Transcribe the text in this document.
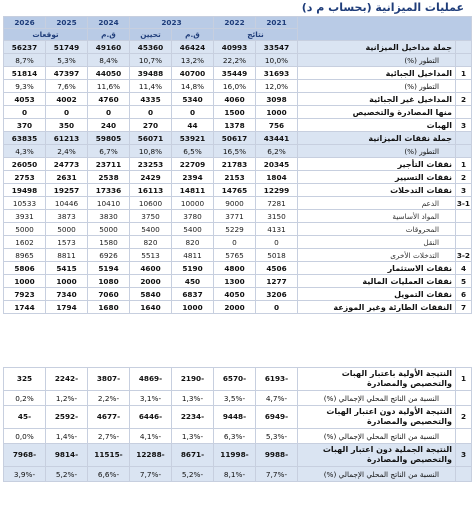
عمليات الميزانية (بحساب م د)
		2021	2022	2023		2024	2025	2026
		نتائج		ق.م	تحيين	ق.م	توقعات	
	جملة مداخيل الميزانية	33547	40993	46424	45360	49160	51749	56237
	التطور (%)	10,0%	22,2%	13,2%	10,7%	8,4%	5,3%	8,7%
1	المداخيل الجبائية	31693	35449	40700	39488	44050	47397	51814
	التطور (%)	12,0%	16,0%	14,8%	11,4%	11,6%	7,6%	9,3%
2	المداخيل غير الجبائية	3098	4060	5340	4335	4760	4002	4053
	منها المصادرة والتخصيص	1000	1500	0	0	0	0	0
3	الهبات	756	1378	44	270	240	350	370
	جملة نفقات الميزانية	43441	50617	53921	56071	59805	61213	63835
	التطور (%)	6,2%	16,5%	6,5%	10,8%	6,7%	2,4%	4,3%
1	نفقات التأجير	20345	21783	22709	23253	23711	24773	26050
2	نفقات التسيير	1804	2153	2394	2429	2538	2631	2753
3	نفقات التدخلات	12299	14765	14811	16113	17336	19257	19498
3-1	الدعم	7281	9000	10000	10600	10410	10446	10533
	المواد الأساسية	3150	3771	3780	3750	3830	3873	3931
	المحروقات	4131	5229	5400	5400	5000	5000	5000
	النقل	0	0	820	820	1580	1573	1602
3-2	التدخلات الأخرى	5018	5765	4811	5513	6926	8811	8965
4	نفقات الاستثمار	4506	4800	5190	4600	5194	5415	5806
5	نفقات العمليات المالية	1277	1300	450	2000	1080	1000	1000
6	نفقات التمويل	3206	4050	6837	5840	7060	7340	7923
7	النفقات الطارئة وغير الموزعة	0	2000	1000	1640	1680	1794	1744
1	النتيجة الأولية باعتبار الهبات والتخصيص والمصادرة	-6193	-6570	-2190	-4869	-3807	-2242	325
	النسبة من الناتج المحلي الإجمالي (%)	-4,7%	-3,5%	-1,3%	-3,1%	-2,2%	-1,2%	0,2%
2	النتيجة الأولية دون اعتبار الهبات والتخصيص والمصادرة	-6949	-9448	-2234	-6446	-4677	-2592	-45
	النسبة من الناتج المحلي الإجمالي (%)	-5,3%	-6,3%	-1,3%	-4,1%	-2,7%	-1,4%	0,0%
3	النتيجة الجملية دون اعتبار الهبات والتخصيص والمصادرة	-9988	-11998	-8671	-12288	-11515	-9814	-7968
	النسبة من الناتج المحلي الإجمالي (%)	-7,7%	-8,1%	-5,2%	-7,7%	-6,6%	-5,2%	-3,9%
